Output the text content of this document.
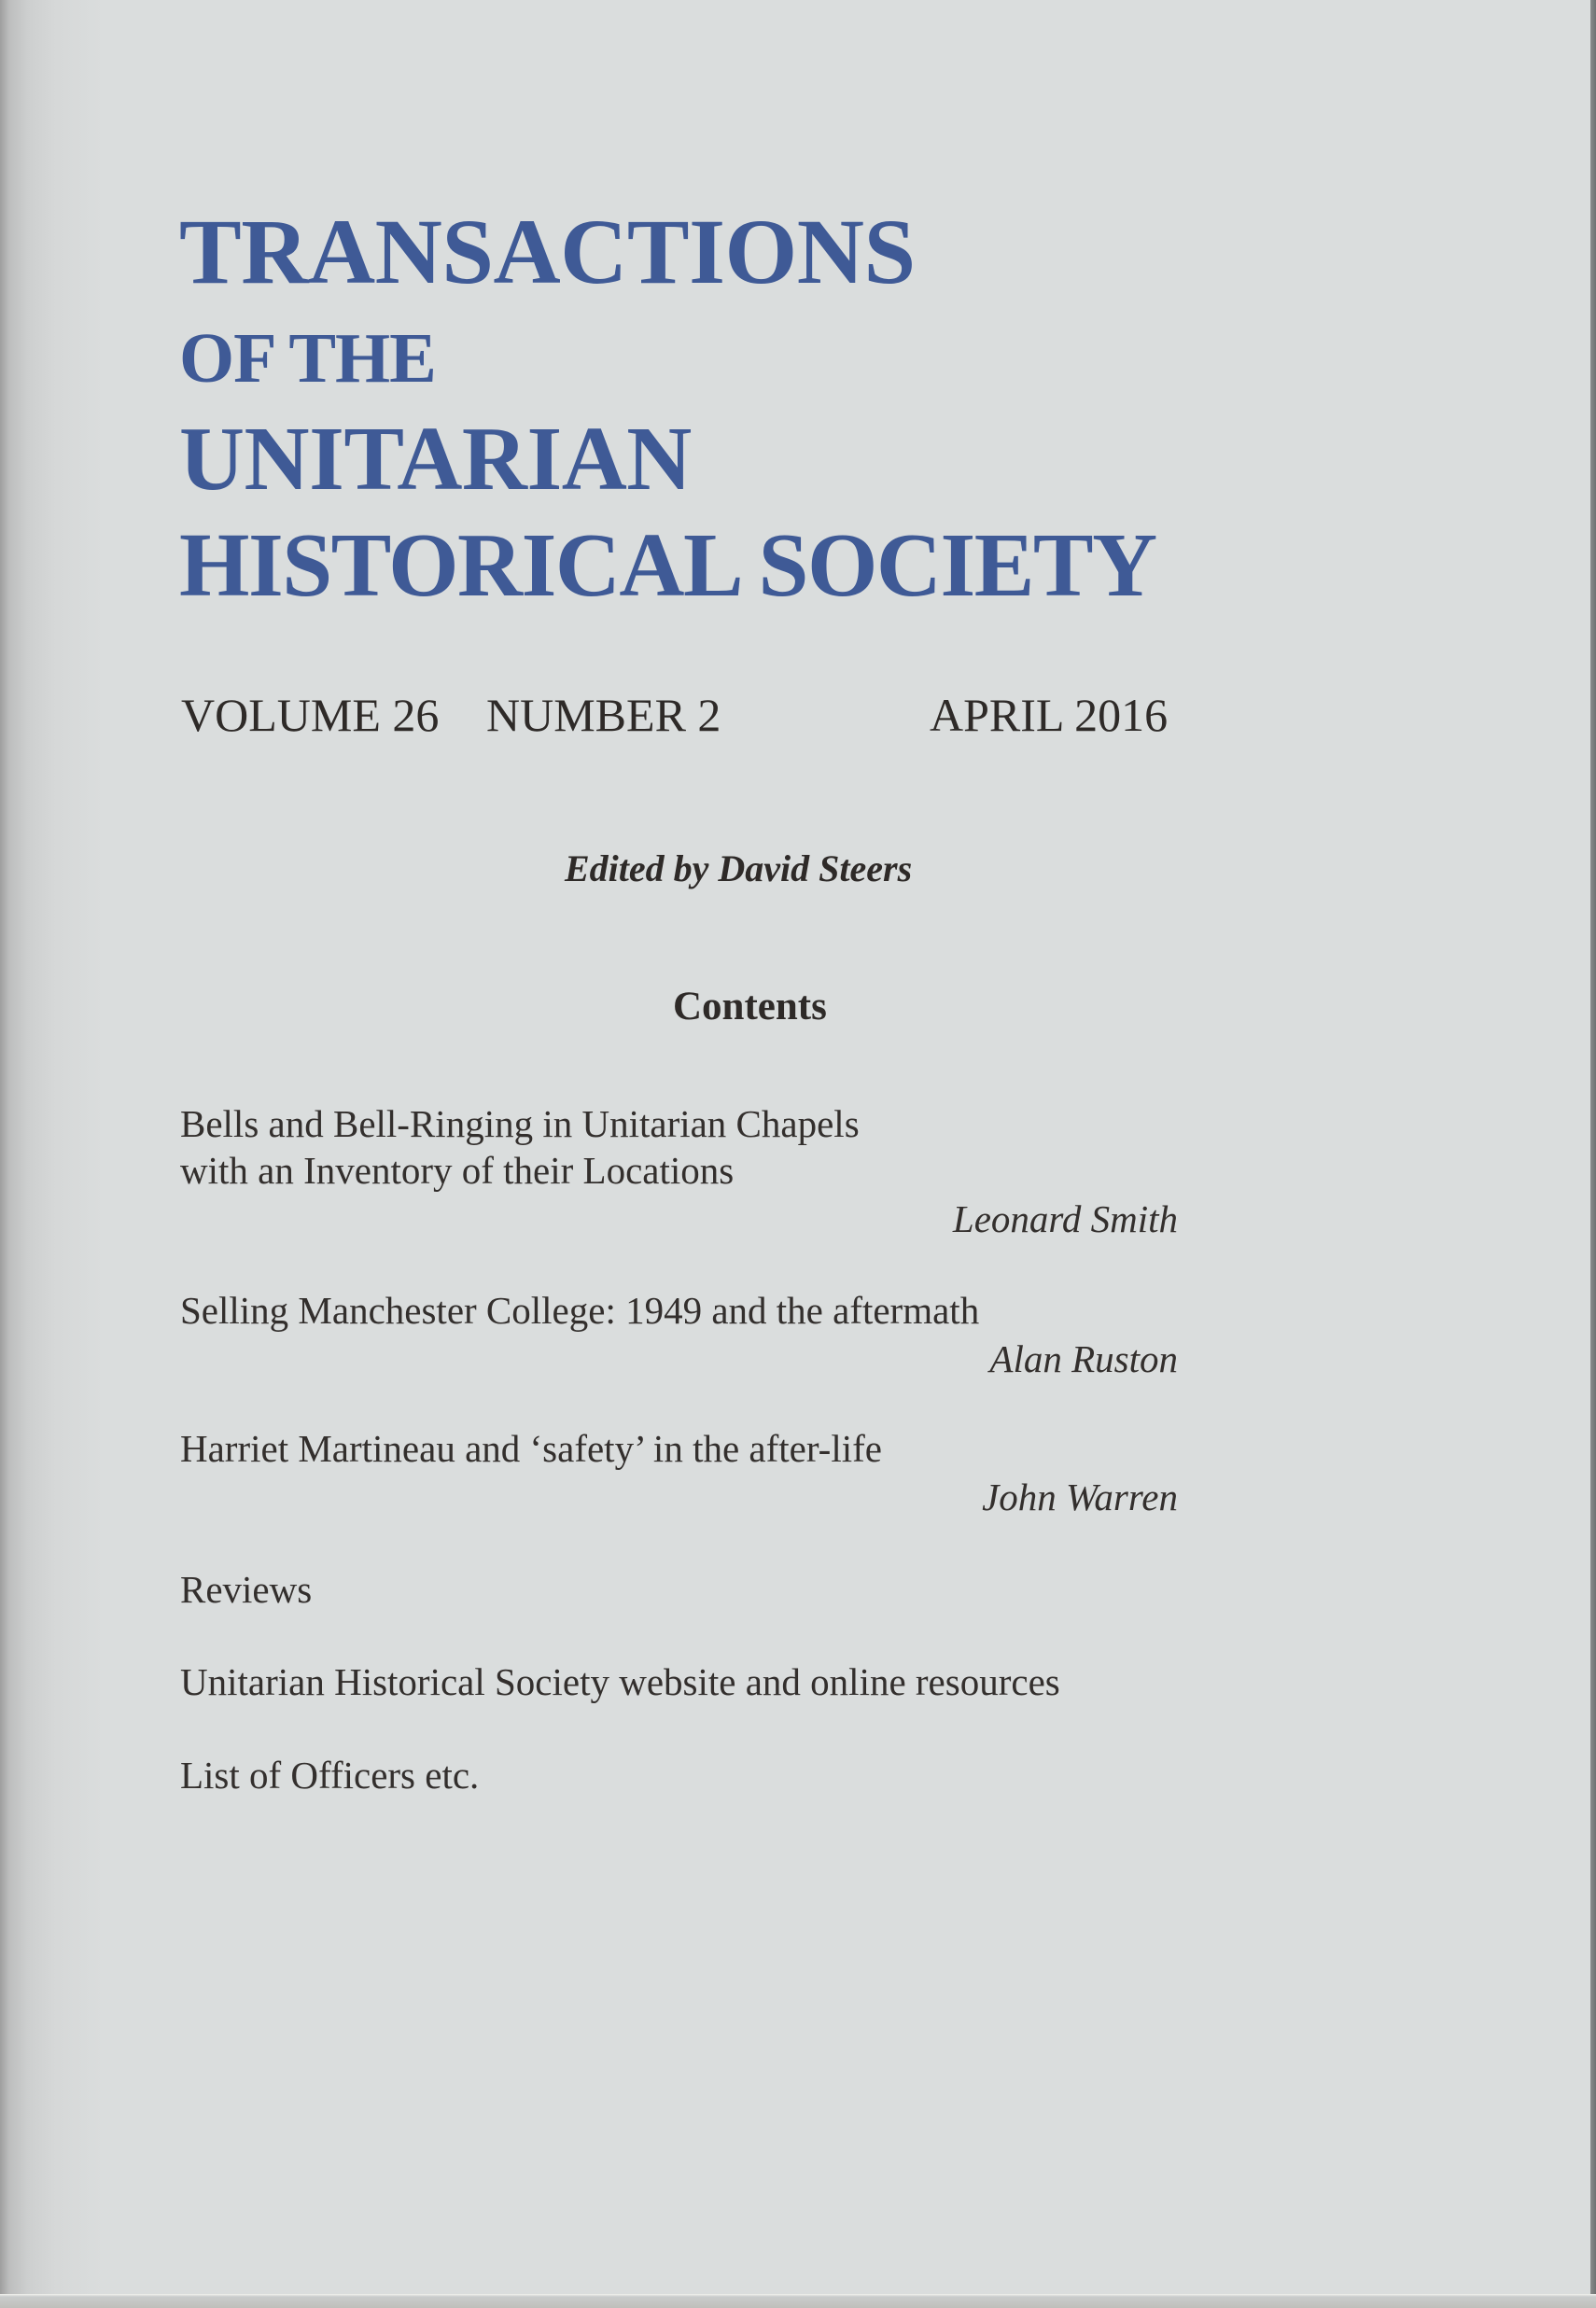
TRANSACTIONS
OF THE
UNITARIAN
HISTORICAL SOCIETY
VOLUME 26 NUMBER 2	APRIL 2016
Edited by David Steers
Contents
Bells and Bell-Ringing in Unitarian Chapels
with an Inventory of their Locations
Leonard Smith
Selling Manchester College: 1949 and the aftermath
Alan Ruston
Harriet Martineau and ‘safety’ in the after-life
John Warren
Reviews
Unitarian Historical Society website and online resources
List of Officers etc.
